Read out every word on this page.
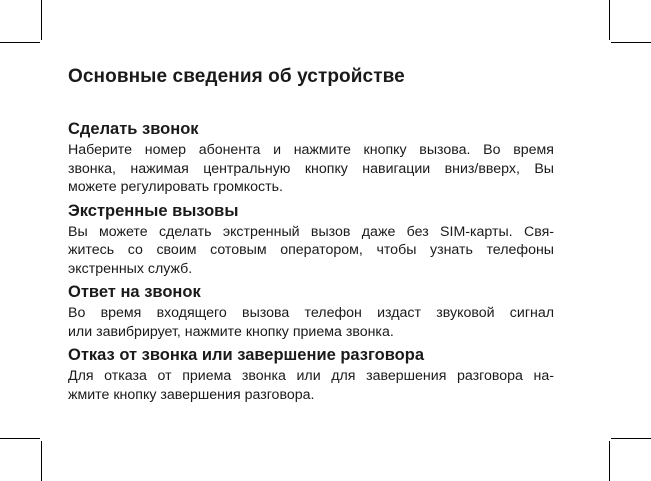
Основные сведения об устройстве
Сделать звонок

Наберите номер абонента и нажмите кнопку вызова. Во время
звонка, нажимая центральную кнопку навигации вниз/вверх, Вы
можете регулировать громкость.

Экстренные вызовы

Вы можете сделать экстренный вызов даже без SIM-карты. Свя-
житесь со своим сотовым оператором, чтобы узнать телефоны
экстренных служб.

Ответ на звонок

Во время входящего вызова телефон издаст звуковой сигнал
или завибрирует, нажмите кнопку приема звонка.

Отказ от звонка или завершение разговора

Для отказа от приема звонка или для завершения разговора на-
жмите кнопку завершения разговора.
